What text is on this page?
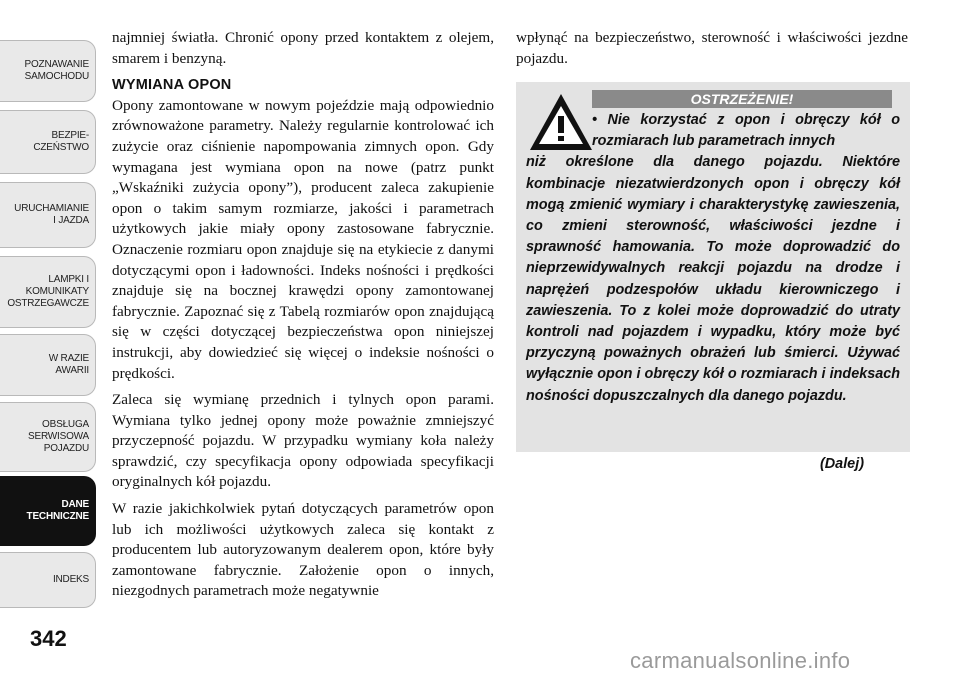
POZNAWANIE
SAMOCHODU
BEZPIE-
CZEŃSTWO
URUCHAMIANIE
I JAZDA
LAMPKI I
KOMUNIKATY
OSTRZEGAWCZE
W RAZIE
AWARII
OBSŁUGA
SERWISOWA
POJAZDU
DANE
TECHNICZNE
INDEKS
342

najmniej światła. Chronić opony przed kontaktem z olejem, smarem i benzyną.

WYMIANA OPON

Opony zamontowane w nowym pojeździe mają odpowiednio zrównoważone parametry. Należy regularnie kontrolować ich zużycie oraz ciśnienie napompowania zimnych opon. Gdy wymagana jest wymiana opon na nowe (patrz punkt „Wskaźniki zużycia opony”), producent zaleca zakupienie opon o takim samym rozmiarze, jakości i parametrach użytkowych jakie miały opony zastosowane fabrycznie. Oznaczenie rozmiaru opon znajduje się na etykiecie z danymi dotyczącymi opon i ładowności. Indeks nośności i prędkości znajduje się na bocznej krawędzi opony zamontowanej fabrycznie. Zapoznać się z Tabelą rozmiarów opon znajdującą się w części dotyczącej bezpieczeństwa opon niniejszej instrukcji, aby dowiedzieć się więcej o indeksie nośności o prędkości.

Zaleca się wymianę przednich i tylnych opon parami. Wymiana tylko jednej opony może poważnie zmniejszyć przyczepność pojazdu. W przypadku wymiany koła należy sprawdzić, czy specyfikacja opony odpowiada specyfikacji oryginalnych kół pojazdu.

W razie jakichkolwiek pytań dotyczących parametrów opon lub ich możliwości użytkowych zaleca się kontakt z producentem lub autoryzowanym dealerem opon, które były zamontowane fabrycznie. Założenie opon o innych, niezgodnych parametrach może negatywnie

wpłynąć na bezpieczeństwo, sterowność i właściwości jezdne pojazdu.

OSTRZEŻENIE!
• Nie korzystać z opon i obręczy kół o rozmiarach lub parametrach innych
niż określone dla danego pojazdu. Niektóre kombinacje niezatwierdzonych opon i obręczy kół mogą zmienić wymiary i charakterystykę zawieszenia, co zmieni sterowność, właściwości jezdne i sprawność hamowania. To może doprowadzić do nieprzewidywalnych reakcji pojazdu na drodze i naprężeń podzespołów układu kierowniczego i zawieszenia. To z kolei może doprowadzić do utraty kontroli nad pojazdem i wypadku, który może być przyczyną poważnych obrażeń lub śmierci. Używać wyłącznie opon i obręczy kół o rozmiarach i indeksach nośności dopuszczalnych dla danego pojazdu.
(Dalej)
carmanualsonline.info
